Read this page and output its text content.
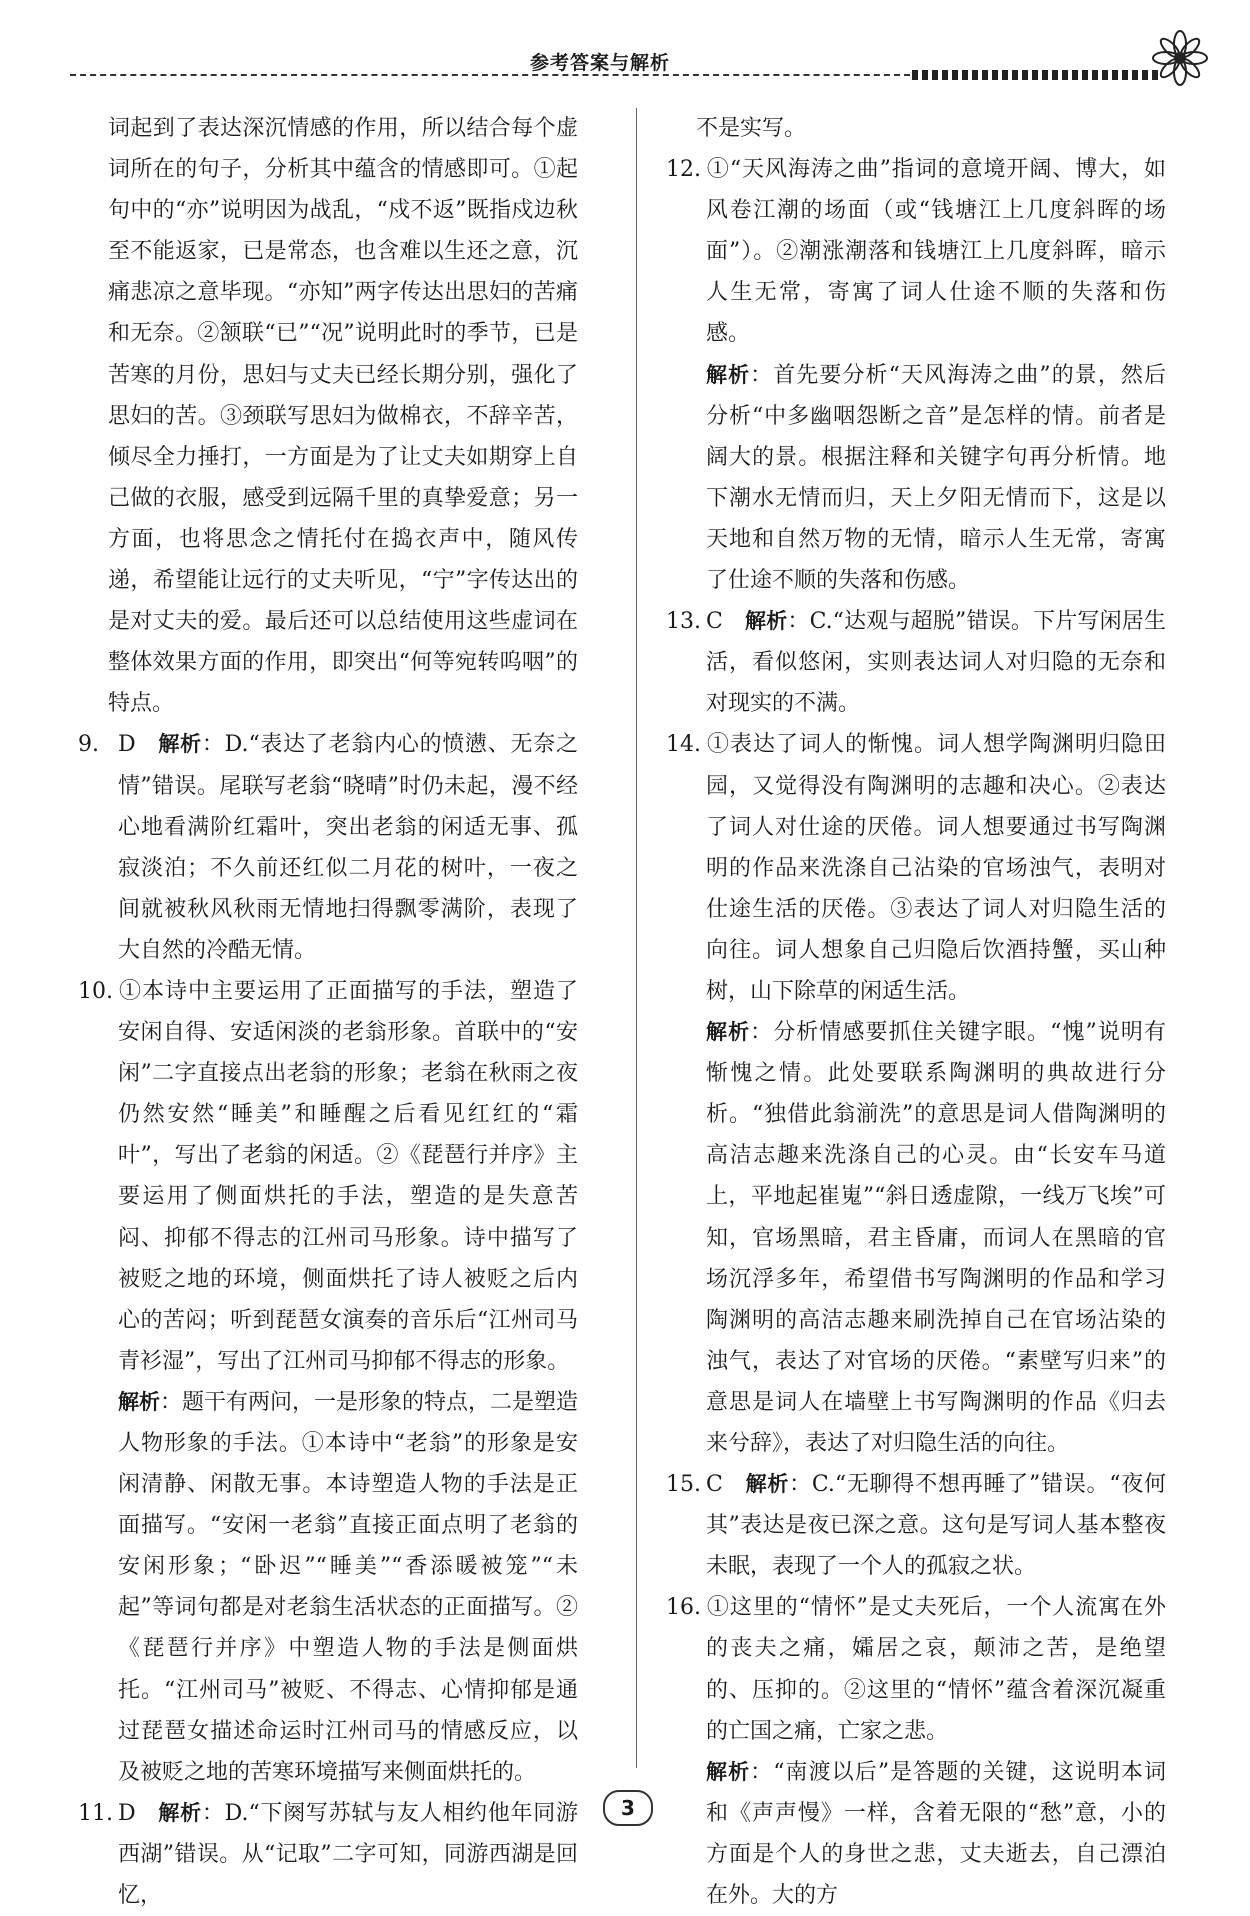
参考答案与解析

词起到了表达深沉情感的作用，所以结合每个虚词所在的句子，分析其中蕴含的情感即可。①起句中的“亦”说明因为战乱，“戍不返”既指戍边秋至不能返家，已是常态，也含难以生还之意，沉痛悲凉之意毕现。“亦知”两字传达出思妇的苦痛和无奈。②颔联“已”“况”说明此时的季节，已是苦寒的月份，思妇与丈夫已经长期分别，强化了思妇的苦。③颈联写思妇为做棉衣，不辞辛苦，倾尽全力捶打，一方面是为了让丈夫如期穿上自己做的衣服，感受到远隔千里的真挚爱意；另一方面，也将思念之情托付在捣衣声中，随风传递，希望能让远行的丈夫听见，“宁”字传达出的是对丈夫的爱。最后还可以总结使用这些虚词在整体效果方面的作用，即突出“何等宛转呜咽”的特点。

9. D 解析：D.“表达了老翁内心的愤懑、无奈之情”错误。尾联写老翁“晓晴”时仍未起，漫不经心地看满阶红霜叶，突出老翁的闲适无事、孤寂淡泊；不久前还红似二月花的树叶，一夜之间就被秋风秋雨无情地扫得飘零满阶，表现了大自然的冷酷无情。

10. ①本诗中主要运用了正面描写的手法，塑造了安闲自得、安适闲淡的老翁形象。首联中的“安闲”二字直接点出老翁的形象；老翁在秋雨之夜仍然安然“睡美”和睡醒之后看见红红的“霜叶”，写出了老翁的闲适。②《琵琶行并序》主要运用了侧面烘托的手法，塑造的是失意苦闷、抑郁不得志的江州司马形象。诗中描写了被贬之地的环境，侧面烘托了诗人被贬之后内心的苦闷；听到琵琶女演奏的音乐后“江州司马青衫湿”，写出了江州司马抑郁不得志的形象。

解析：题干有两问，一是形象的特点，二是塑造人物形象的手法。①本诗中“老翁”的形象是安闲清静、闲散无事。本诗塑造人物的手法是正面描写。“安闲一老翁”直接正面点明了老翁的安闲形象；“卧迟”“睡美”“香添暖被笼”“未起”等词句都是对老翁生活状态的正面描写。②《琵琶行并序》中塑造人物的手法是侧面烘托。“江州司马”被贬、不得志、心情抑郁是通过琵琶女描述命运时江州司马的情感反应，以及被贬之地的苦寒环境描写来侧面烘托的。

11. D 解析：D.“下阕写苏轼与友人相约他年同游西湖”错误。从“记取”二字可知，同游西湖是回忆，

不是实写。

12. ①“天风海涛之曲”指词的意境开阔、博大，如风卷江潮的场面（或“钱塘江上几度斜晖的场面”）。②潮涨潮落和钱塘江上几度斜晖，暗示人生无常，寄寓了词人仕途不顺的失落和伤感。

解析：首先要分析“天风海涛之曲”的景，然后分析“中多幽咽怨断之音”是怎样的情。前者是阔大的景。根据注释和关键字句再分析情。地下潮水无情而归，天上夕阳无情而下，这是以天地和自然万物的无情，暗示人生无常，寄寓了仕途不顺的失落和伤感。

13. C 解析：C.“达观与超脱”错误。下片写闲居生活，看似悠闲，实则表达词人对归隐的无奈和对现实的不满。

14. ①表达了词人的惭愧。词人想学陶渊明归隐田园，又觉得没有陶渊明的志趣和决心。②表达了词人对仕途的厌倦。词人想要通过书写陶渊明的作品来洗涤自己沾染的官场浊气，表明对仕途生活的厌倦。③表达了词人对归隐生活的向往。词人想象自己归隐后饮酒持蟹，买山种树，山下除草的闲适生活。

解析：分析情感要抓住关键字眼。“愧”说明有惭愧之情。此处要联系陶渊明的典故进行分析。“独借此翁湔洗”的意思是词人借陶渊明的高洁志趣来洗涤自己的心灵。由“长安车马道上，平地起崔嵬”“斜日透虚隙，一线万飞埃”可知，官场黑暗，君主昏庸，而词人在黑暗的官场沉浮多年，希望借书写陶渊明的作品和学习陶渊明的高洁志趣来刷洗掉自己在官场沾染的浊气，表达了对官场的厌倦。“素壁写归来”的意思是词人在墙壁上书写陶渊明的作品《归去来兮辞》，表达了对归隐生活的向往。

15. C 解析：C.“无聊得不想再睡了”错误。“夜何其”表达是夜已深之意。这句是写词人基本整夜未眠，表现了一个人的孤寂之状。

16. ①这里的“情怀”是丈夫死后，一个人流寓在外的丧夫之痛，孀居之哀，颠沛之苦，是绝望的、压抑的。②这里的“情怀”蕴含着深沉凝重的亡国之痛，亡家之悲。

解析：“南渡以后”是答题的关键，这说明本词和《声声慢》一样，含着无限的“愁”意，小的方面是个人的身世之悲，丈夫逝去，自己漂泊在外。大的方

3
